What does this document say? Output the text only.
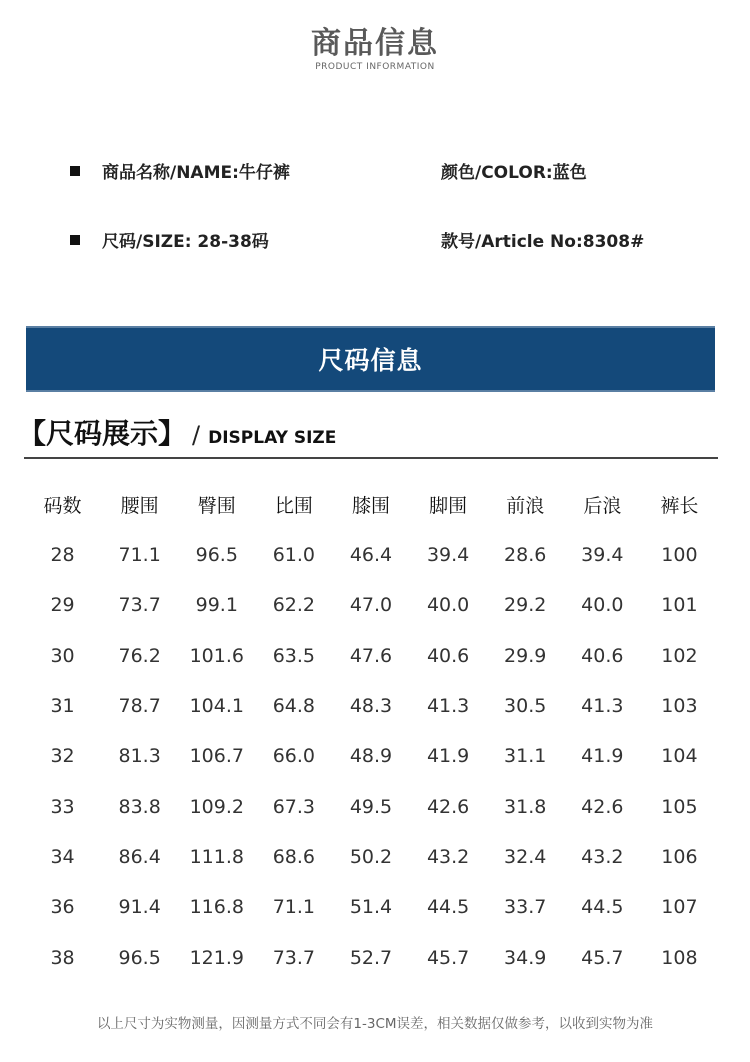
商品信息
PRODUCT INFORMATION
商品名称/NAME:牛仔裤	颜色/COLOR:蓝色
尺码/SIZE: 28-38码	款号/Article No:8308#
尺码信息
【尺码展示】 / DISPLAY SIZE
码数	腰围	臀围	比围	膝围	脚围	前浪	后浪	裤长
28	71.1	96.5	61.0	46.4	39.4	28.6	39.4	100
29	73.7	99.1	62.2	47.0	40.0	29.2	40.0	101
30	76.2	101.6	63.5	47.6	40.6	29.9	40.6	102
31	78.7	104.1	64.8	48.3	41.3	30.5	41.3	103
32	81.3	106.7	66.0	48.9	41.9	31.1	41.9	104
33	83.8	109.2	67.3	49.5	42.6	31.8	42.6	105
34	86.4	111.8	68.6	50.2	43.2	32.4	43.2	106
36	91.4	116.8	71.1	51.4	44.5	33.7	44.5	107
38	96.5	121.9	73.7	52.7	45.7	34.9	45.7	108
以上尺寸为实物测量，因测量方式不同会有1-3CM误差，相关数据仅做参考，以收到实物为准
